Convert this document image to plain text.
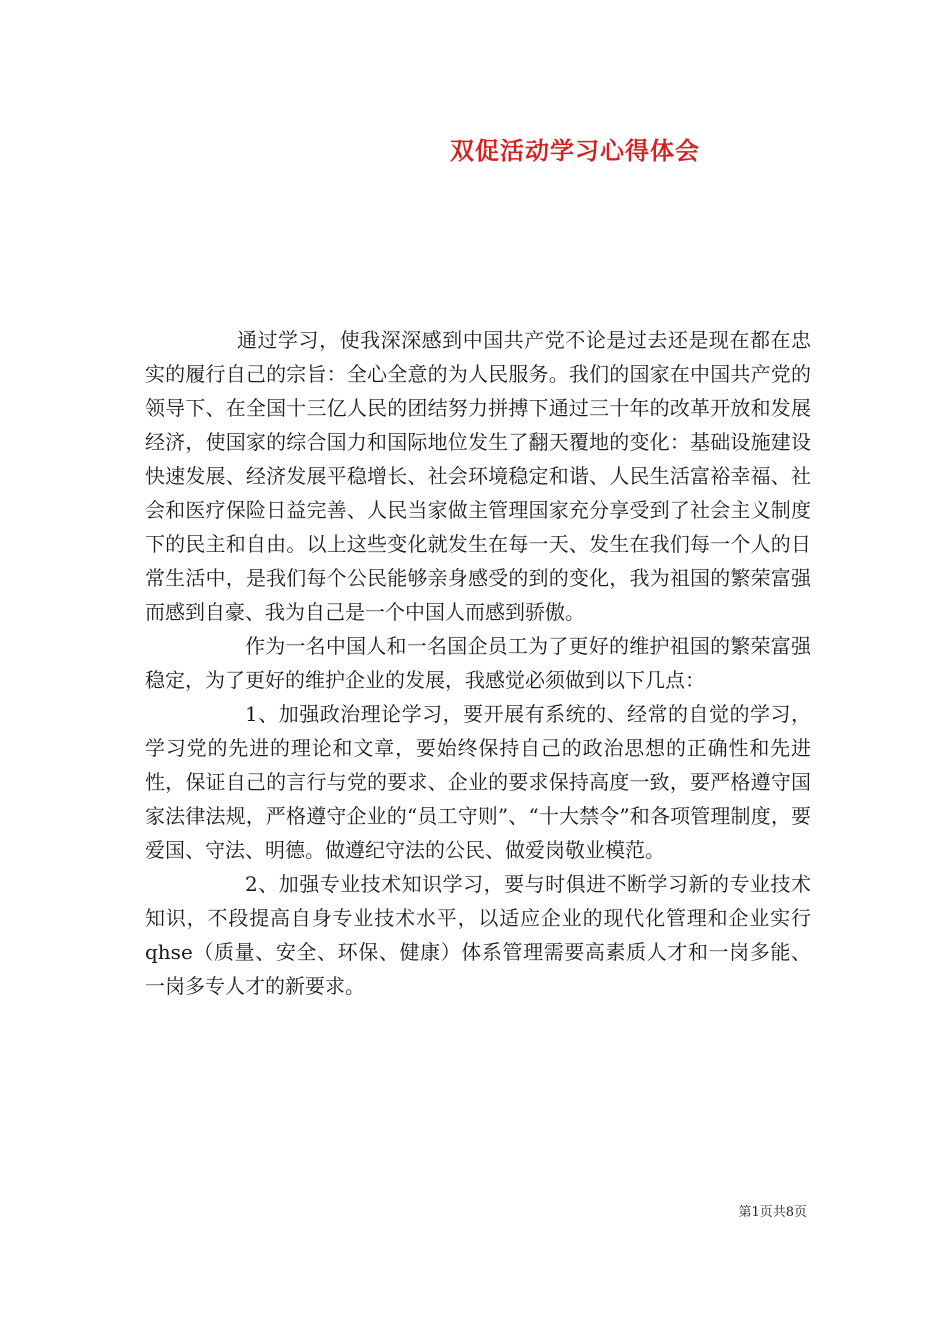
双促活动学习心得体会

通过学习，使我深深感到中国共产党不论是过去还是现在都在忠实的履行自己的宗旨：全心全意的为人民服务。我们的国家在中国共产党的领导下、在全国十三亿人民的团结努力拼搏下通过三十年的改革开放和发展经济，使国家的综合国力和国际地位发生了翻天覆地的变化：基础设施建设快速发展、经济发展平稳增长、社会环境稳定和谐、人民生活富裕幸福、社会和医疗保险日益完善、人民当家做主管理国家充分享受到了社会主义制度下的民主和自由。以上这些变化就发生在每一天、发生在我们每一个人的日常生活中，是我们每个公民能够亲身感受的到的变化，我为祖国的繁荣富强而感到自豪、我为自己是一个中国人而感到骄傲。

作为一名中国人和一名国企员工为了更好的维护祖国的繁荣富强稳定，为了更好的维护企业的发展，我感觉必须做到以下几点：

1、加强政治理论学习，要开展有系统的、经常的自觉的学习，学习党的先进的理论和文章，要始终保持自己的政治思想的正确性和先进性，保证自己的言行与党的要求、企业的要求保持高度一致，要严格遵守国家法律法规，严格遵守企业的“员工守则”、“十大禁令”和各项管理制度，要爱国、守法、明德。做遵纪守法的公民、做爱岗敬业模范。

2、加强专业技术知识学习，要与时俱进不断学习新的专业技术知识，不段提高自身专业技术水平，以适应企业的现代化管理和企业实行qhse（质量、安全、环保、健康）体系管理需要高素质人才和一岗多能、一岗多专人才的新要求。

第1页共8页
